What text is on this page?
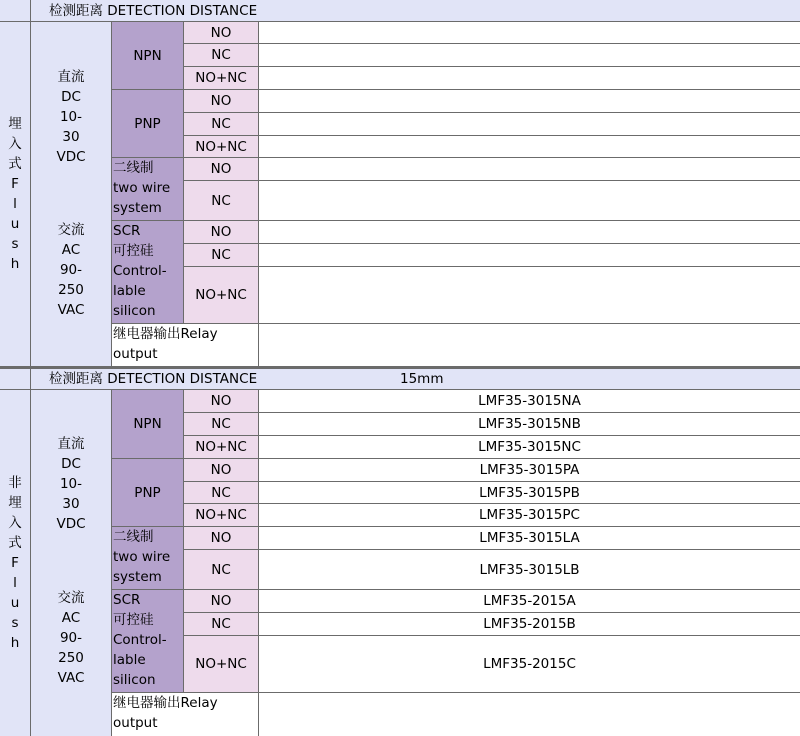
检测距离 DETECTION DISTANCE
埋
入
式
F
l
u
s
h
直流
DC
10-
30
VDC
交流
AC
90-
250
VAC
NPN
PNP
二线制
two wire
system
SCR
可控硅
Control-
lable
silicon
继电器输出Relay
output
NO
NC
NO+NC
NO
NC
NO+NC
NO
NC
NO
NC
NO+NC
检测距离 DETECTION DISTANCE	15mm
非
埋
入
式
F
l
u
s
h
直流
DC
10-
30
VDC
交流
AC
90-
250
VAC
NPN
PNP
二线制
two wire
system
SCR
可控硅
Control-
lable
silicon
继电器输出Relay
output
NO
NC
NO+NC
NO
NC
NO+NC
NO
NC
NO
NC
NO+NC
LMF35-3015NA
LMF35-3015NB
LMF35-3015NC
LMF35-3015PA
LMF35-3015PB
LMF35-3015PC
LMF35-3015LA
LMF35-3015LB
LMF35-2015A
LMF35-2015B
LMF35-2015C
